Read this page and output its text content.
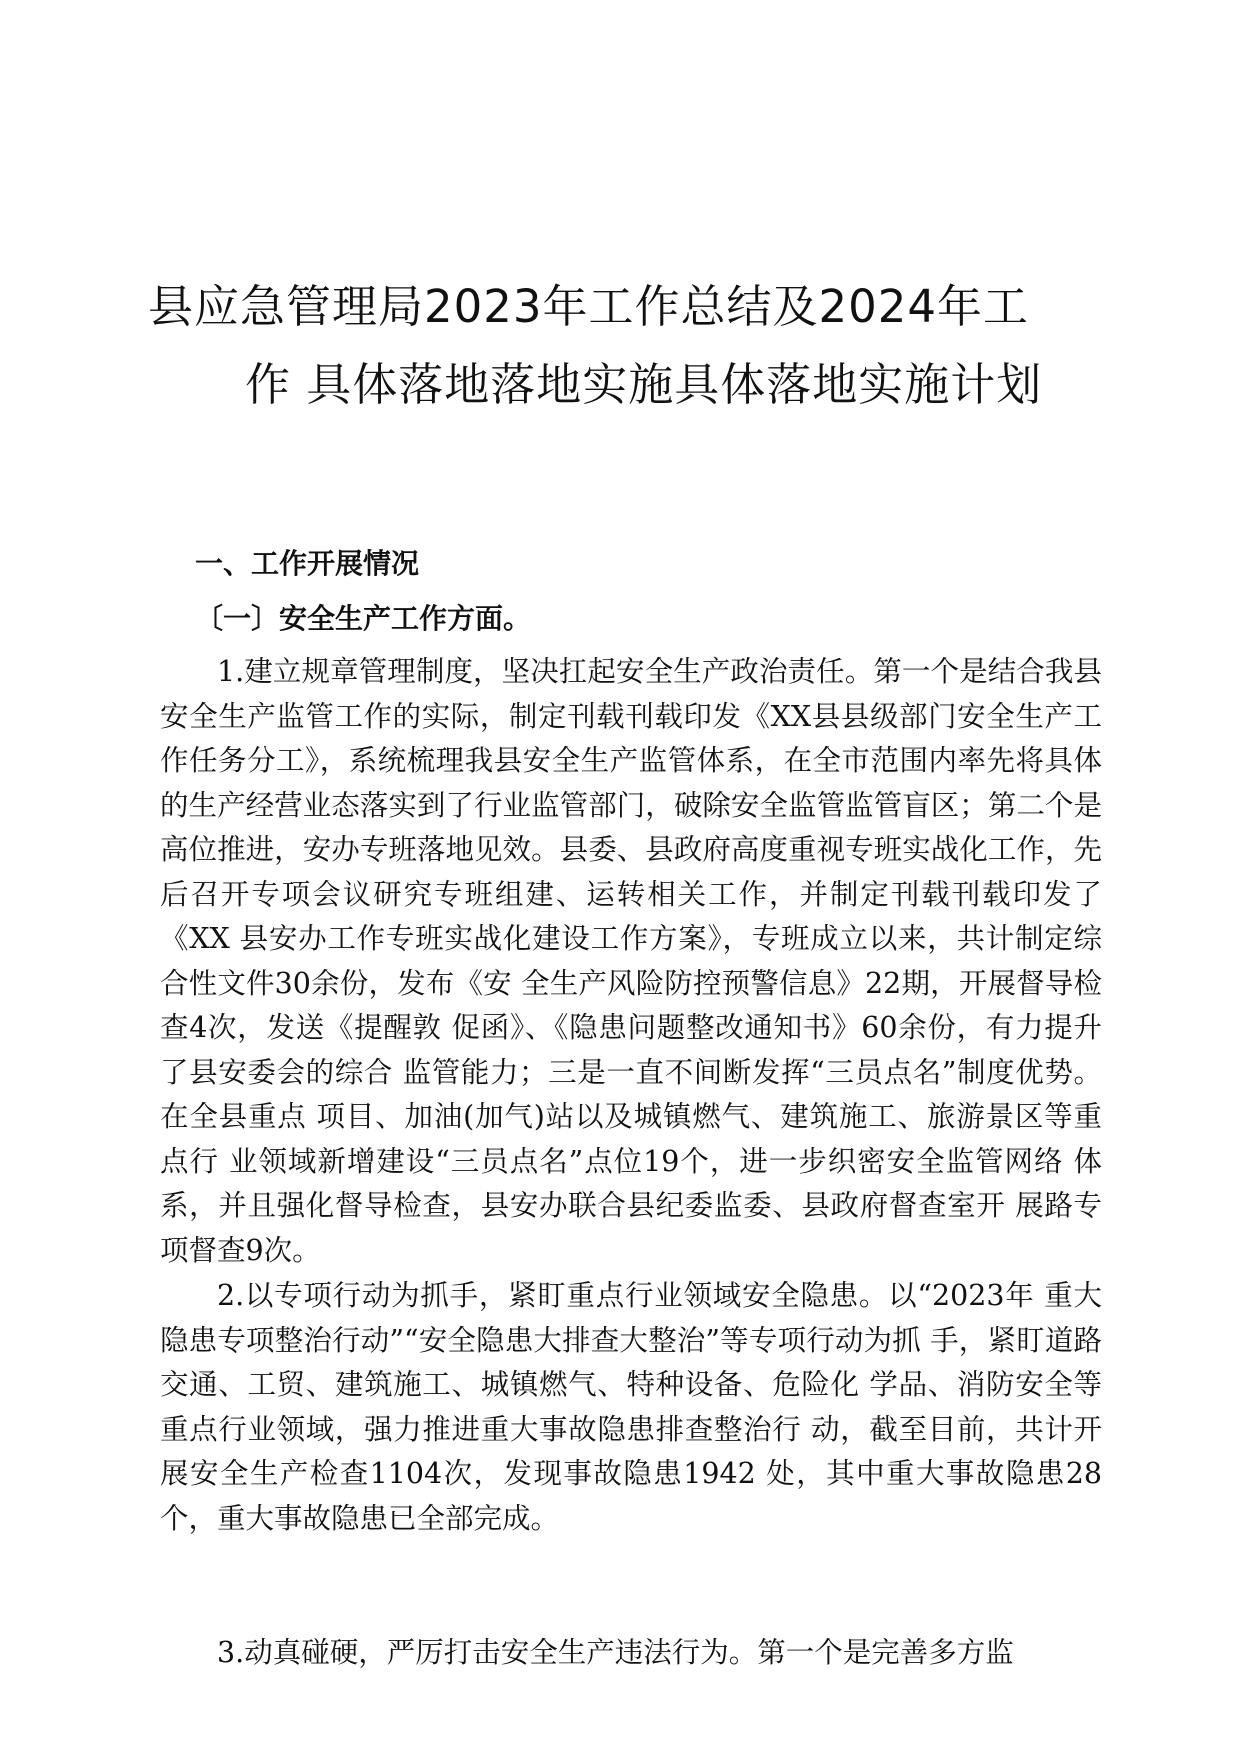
县应急管理局2023年工作总结及2024年工
作 具体落地落地实施具体落地实施计划
一、工作开展情况
〔一〕安全生产工作方面。

1.建立规章管理制度，坚决扛起安全生产政治责任。第一个是结合我县安全生产监管工作的实际，制定刊载刊载印发《XX县县级部门安全生产工作任务分工》，系统梳理我县安全生产监管体系，在全市范围内率先将具体的生产经营业态落实到了行业监管部门，破除安全监管监管盲区；第二个是高位推进，安办专班落地见效。县委、县政府高度重视专班实战化工作，先后召开专项会议研究专班组建、运转相关工作，并制定刊载刊载印发了《XX 县安办工作专班实战化建设工作方案》，专班成立以来，共计制定综合性文件30余份，发布《安 全生产风险防控预警信息》22期，开展督导检查4次，发送《提醒敦 促函》、《隐患问题整改通知书》60余份，有力提升了县安委会的综合 监管能力；三是一直不间断发挥“三员点名”制度优势。在全县重点 项目、加油(加气)站以及城镇燃气、建筑施工、旅游景区等重点行 业领域新增建设“三员点名”点位19个，进一步织密安全监管网络 体系，并且强化督导检查，县安办联合县纪委监委、县政府督查室开 展路专项督查9次。

2.以专项行动为抓手，紧盯重点行业领域安全隐患。以“2023年 重大隐患专项整治行动”“安全隐患大排查大整治”等专项行动为抓 手，紧盯道路交通、工贸、建筑施工、城镇燃气、特种设备、危险化 学品、消防安全等重点行业领域，强力推进重大事故隐患排查整治行 动，截至目前，共计开展安全生产检查1104次，发现事故隐患1942 处，其中重大事故隐患28个，重大事故隐患已全部完成。

3.动真碰硬，严厉打击安全生产违法行为。第一个是完善多方监
